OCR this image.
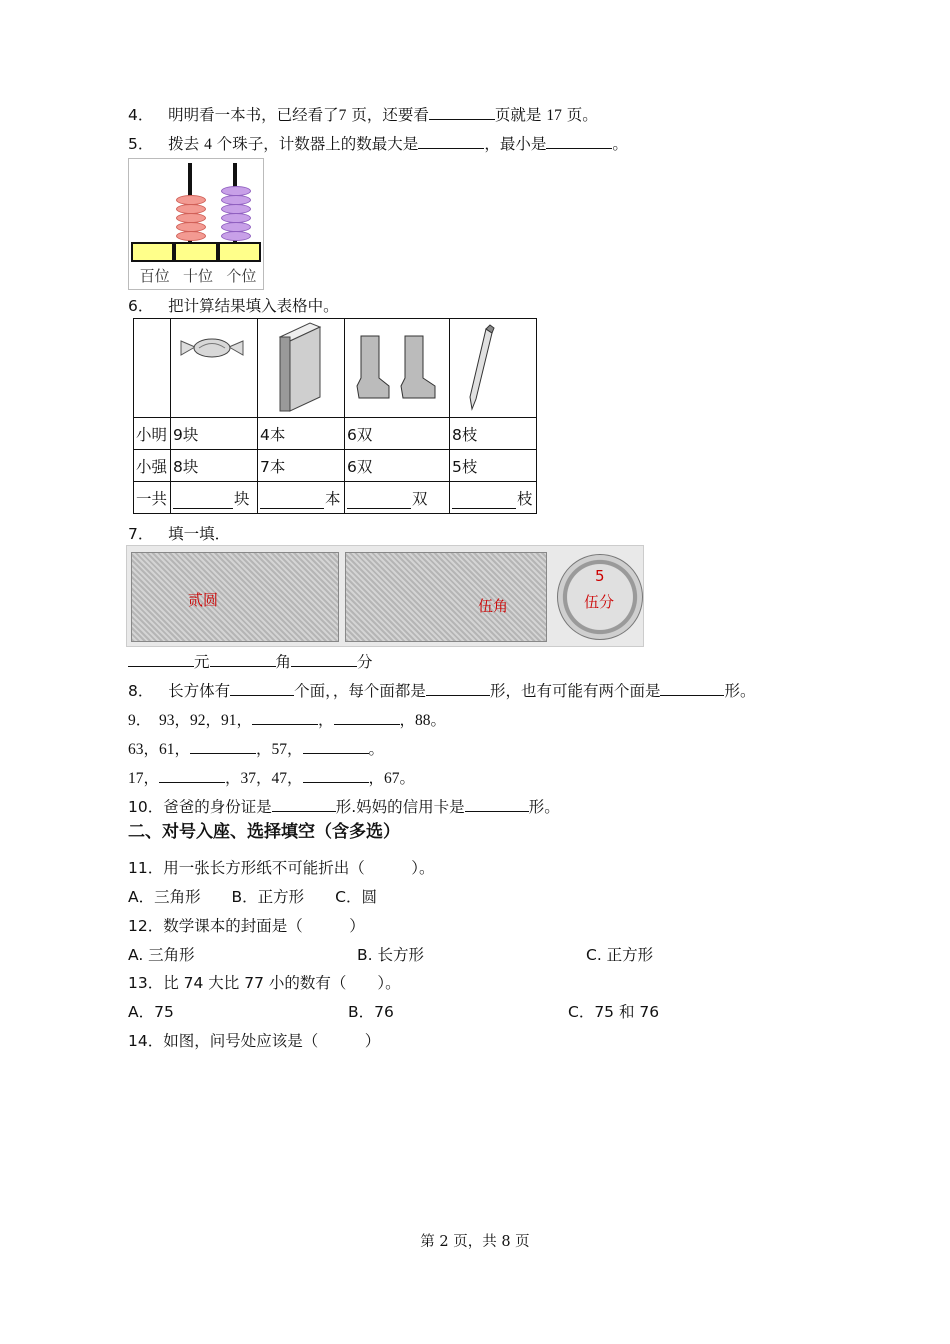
4． 明明看一本书，已经看了7 页，还要看	页就是 17 页。
5． 拨去 4 个珠子，计数器上的数最大是	，最小是	。
百位 十位 个位
6． 把计算结果填入表格中。

小明	9块	4本	6双	8枝
小强	8块	7本	6双	5枝
一共	块	本	双	枝
7． 填一填．
贰圆	伍角
5
伍分
元	角	分
8． 长方体有	个面，，每个面都是	形，也有可能有两个面是	形。
9． 93，92，91，	，	，88。
63，61，	，57，	。
17，	，37，47，	，67。
10．爸爸的身份证是	形.妈妈的信用卡是	形。
二、对号入座、选择填空（含多选）
11．用一张长方形纸不可能折出（　　　）。
A．三角形 B．正方形 C．圆
12．数学课本的封面是（　　　）
A. 三角形	B. 长方形	C. 正方形
13．比 74 大比 77 小的数有（　　）。
A．75	B．76	C．75 和 76
14．如图，问号处应该是（　　　）
第 2 页，共 8 页
